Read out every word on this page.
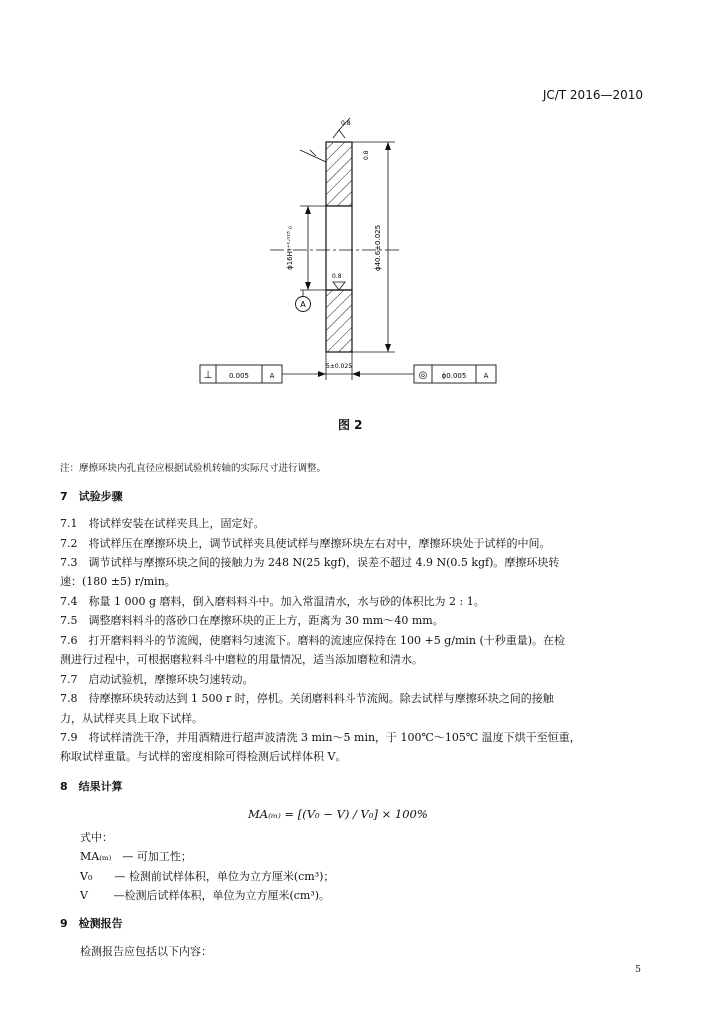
JC/T 2016—2010
ϕ16H₇⁺⁰·⁰¹⁸ ₀	ϕ40.6±0.025
0.8
0.8
0.8
A
5±0.025
⊥ 0.005	A	◎ ϕ0.005 A
图 2
注：摩擦环块内孔直径应根据试验机转轴的实际尺寸进行调整。
7　试验步骤
7.1　将试样安装在试样夹具上，固定好。
7.2　将试样压在摩擦环块上，调节试样夹具使试样与摩擦环块左右对中，摩擦环块处于试样的中间。
7.3　调节试样与摩擦环块之间的接触力为 248 N(25 kgf)，误差不超过 4.9 N(0.5 kgf)。摩擦环块转
速：(180 ±5) r/min。
7.4　称量 1 000 g 磨料，倒入磨料料斗中。加入常温清水，水与砂的体积比为 2 : 1。
7.5　调整磨料料斗的落砂口在摩擦环块的正上方，距离为 30 mm～40 mm。
7.6　打开磨料料斗的节流阀，使磨料匀速流下。磨料的流速应保持在 100 +5 g/min (十秒重量)。在检
测进行过程中，可根据磨粒料斗中磨粒的用量情况，适当添加磨粒和清水。
7.7　启动试验机，摩擦环块匀速转动。
7.8　待摩擦环块转动达到 1 500 r 时，停机。关闭磨料料斗节流阀。除去试样与摩擦环块之间的接触
力，从试样夹具上取下试样。
7.9　将试样清洗干净，并用酒精进行超声波清洗 3 min～5 min，于 100℃～105℃ 温度下烘干至恒重，
称取试样重量。与试样的密度相除可得检测后试样体积 V。
8　结果计算
MA₍ₘ₎ = [(V₀ − V) / V₀] × 100%
式中：
MA₍ₘ₎　— 可加工性；
V₀　　— 检测前试样体积，单位为立方厘米(cm³)；
V　　 —检测后试样体积，单位为立方厘米(cm³)。
9　检测报告
检测报告应包括以下内容：
5
